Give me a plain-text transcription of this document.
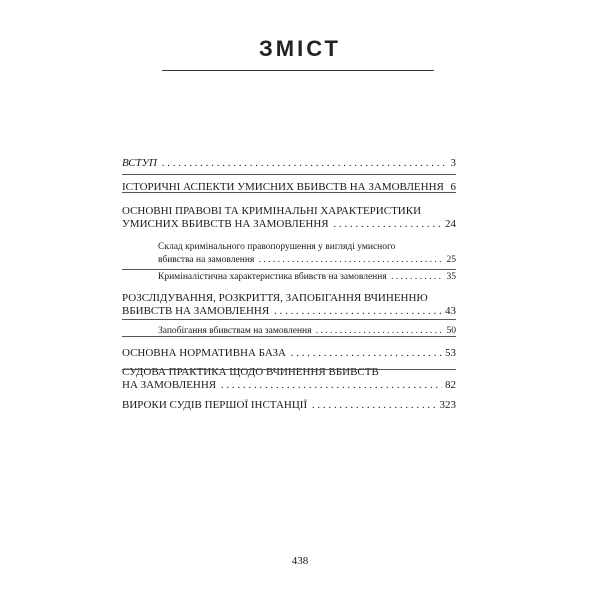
ЗМІСТ
ВСТУП . . .	3
ІСТОРИЧНІ АСПЕКТИ УМИСНИХ ВБИВСТВ НА ЗАМОВЛЕННЯ . . . 6
ОСНОВНІ ПРАВОВІ ТА КРИМІНАЛЬНІ ХАРАКТЕРИСТИКИ
УМИСНИХ ВБИВСТВ НА ЗАМОВЛЕННЯ . . .	24
Склад кримінального правопорушення у вигляді умисного
вбивства на замовлення . . .	25
Криміналістична характеристика вбивств на замовлення . . .	35
РОЗСЛІДУВАННЯ, РОЗКРИТТЯ, ЗАПОБІГАННЯ ВЧИНЕННЮ
ВБИВСТВ НА ЗАМОВЛЕННЯ . . .	43
Запобігання вбивствам на замовлення . . .	50
ОСНОВНА НОРМАТИВНА БАЗА . . .	53
СУДОВА ПРАКТИКА ЩОДО ВЧИНЕННЯ ВБИВСТВ
НА ЗАМОВЛЕННЯ . . .	82
ВИРОКИ СУДІВ ПЕРШОЇ ІНСТАНЦІЇ . . .	323
438
